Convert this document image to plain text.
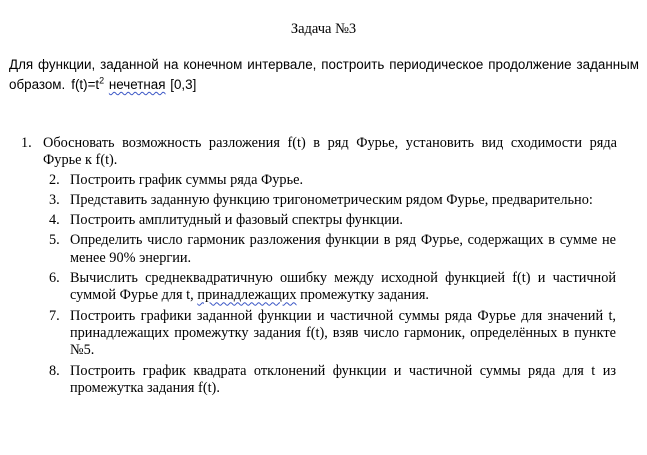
Задача №3
Для функции, заданной на конечном интервале, построить периодическое продолжение заданным образом. $f(t)=t^2$ нечетная [0,3]
1. Обосновать возможность разложения f(t) в ряд Фурье, установить вид сходимости ряда Фурье к f(t).
2. Построить график суммы ряда Фурье.
3. Представить заданную функцию тригонометрическим рядом Фурье, предварительно:
4. Построить амплитудный и фазовый спектры функции.
5. Определить число гармоник разложения функции в ряд Фурье, содержащих в сумме не менее 90% энергии.
6. Вычислить среднеквадратичную ошибку между исходной функцией f(t) и частичной суммой Фурье для t, принадлежащих промежутку задания.
7. Построить графики заданной функции и частичной суммы ряда Фурье для значений t, принадлежащих промежутку задания f(t), взяв число гармоник, определённых в пункте №5.
8. Построить график квадрата отклонений функции и частичной суммы ряда для t из промежутка задания f(t).
